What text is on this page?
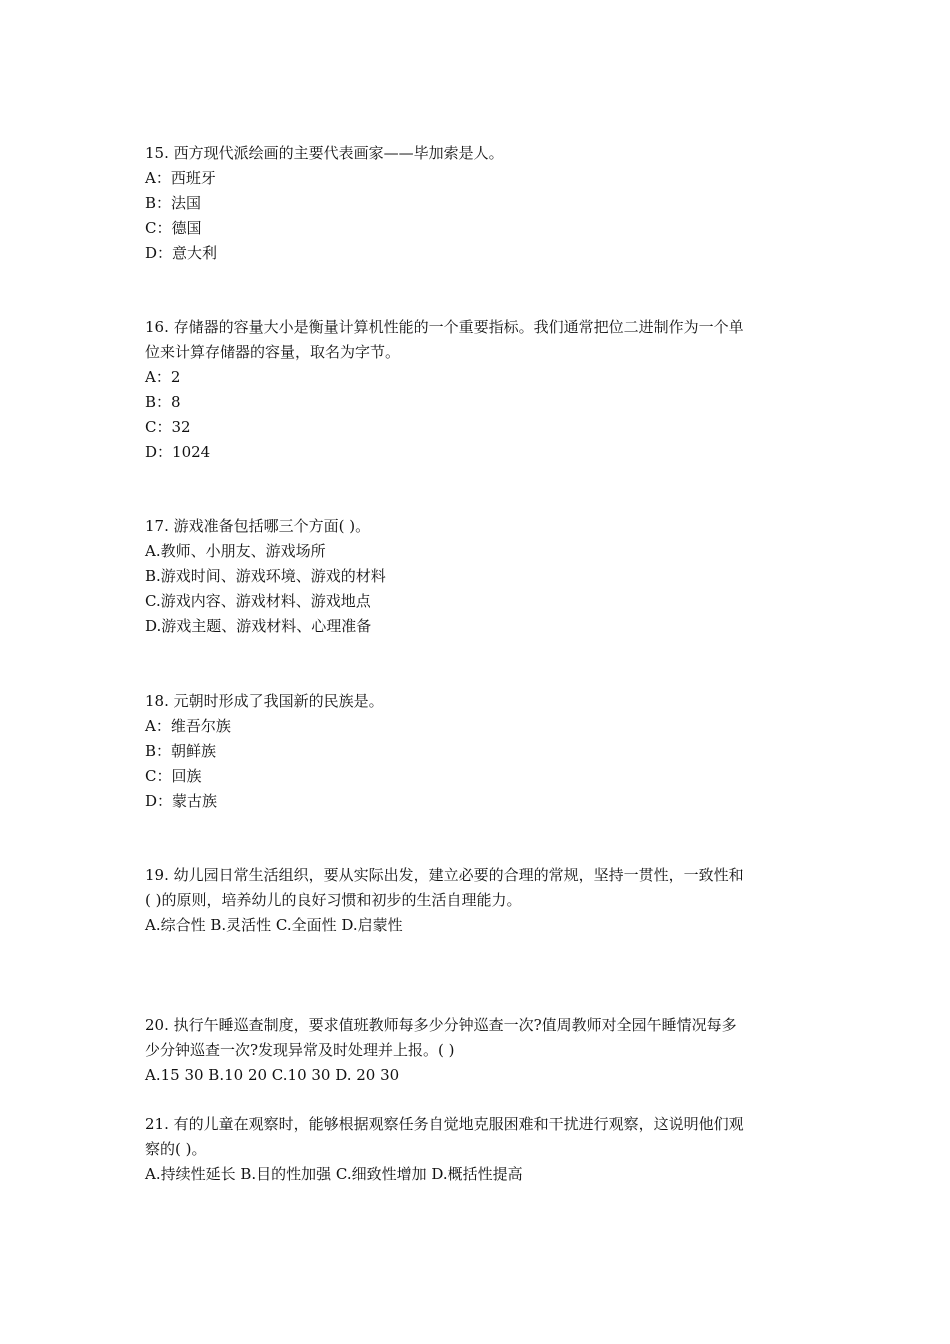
15. 西方现代派绘画的主要代表画家——毕加索是人。
A：西班牙
B：法国
C：德国
D：意大利
16. 存储器的容量大小是衡量计算机性能的一个重要指标。我们通常把位二进制作为一个单
位来计算存储器的容量，取名为字节。
A：2
B：8
C：32
D：1024
17. 游戏准备包括哪三个方面( )。
A.教师、小朋友、游戏场所
B.游戏时间、游戏环境、游戏的材料
C.游戏内容、游戏材料、游戏地点
D.游戏主题、游戏材料、心理准备
18. 元朝时形成了我国新的民族是。
A：维吾尔族
B：朝鲜族
C：回族
D：蒙古族
19. 幼儿园日常生活组织，要从实际出发，建立必要的合理的常规，坚持一贯性，一致性和
( )的原则，培养幼儿的良好习惯和初步的生活自理能力。
A.综合性 B.灵活性 C.全面性 D.启蒙性
20. 执行午睡巡查制度，要求值班教师每多少分钟巡查一次?值周教师对全园午睡情况每多
少分钟巡查一次?发现异常及时处理并上报。( )
A.15 30 B.10 20 C.10 30 D. 20 30
21. 有的儿童在观察时，能够根据观察任务自觉地克服困难和干扰进行观察，这说明他们观
察的( )。
A.持续性延长 B.目的性加强 C.细致性增加 D.概括性提高
